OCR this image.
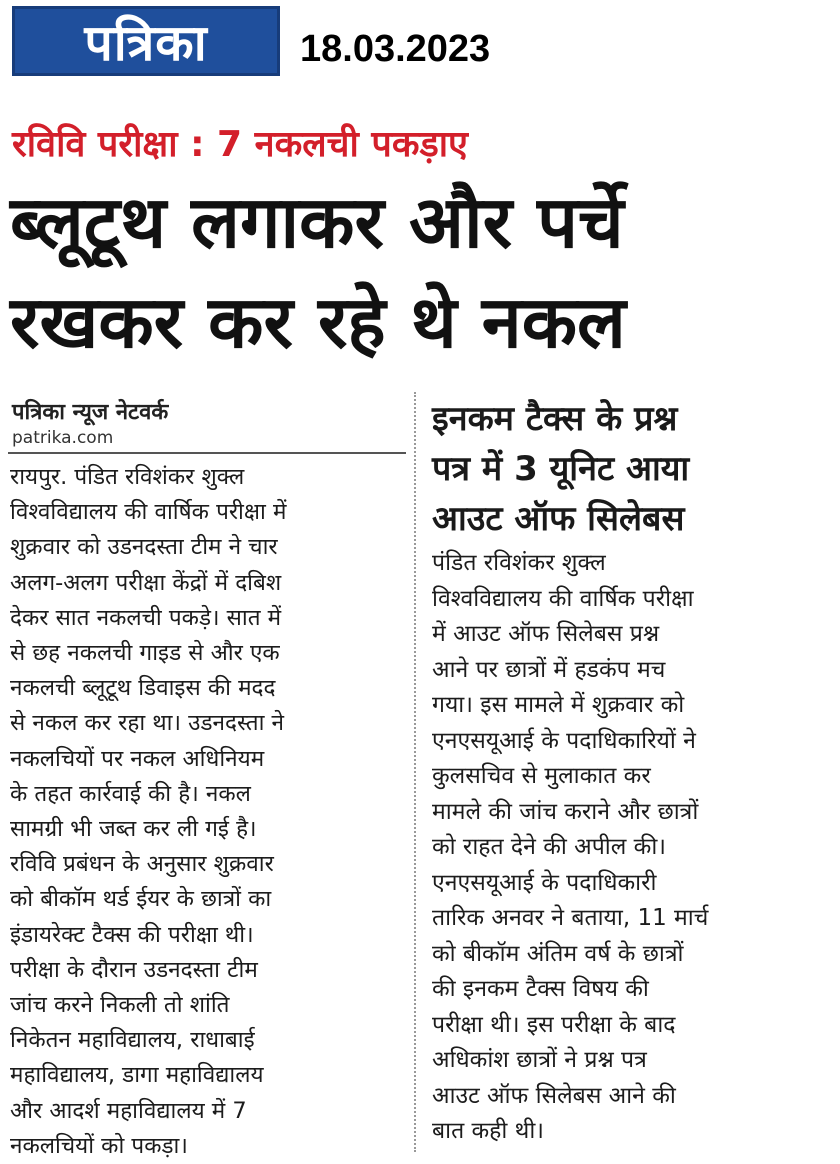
पत्रिका	18.03.2023
रविवि परीक्षा : 7 नकलची पकड़ाए
ब्लूटूथ लगाकर और पर्चे
रखकर कर रहे थे नकल
पत्रिका न्यूज नेटवर्क
patrika.com
रायपुर. पंडित रविशंकर शुक्ल
विश्वविद्यालय की वार्षिक परीक्षा में
शुक्रवार को उडनदस्ता टीम ने चार
अलग-अलग परीक्षा केंद्रों में दबिश
देकर सात नकलची पकड़े। सात में
से छह नकलची गाइड से और एक
नकलची ब्लूटूथ डिवाइस की मदद
से नकल कर रहा था। उडनदस्ता ने
नकलचियों पर नकल अधिनियम
के तहत कार्रवाई की है। नकल
सामग्री भी जब्त कर ली गई है।
रविवि प्रबंधन के अनुसार शुक्रवार
को बीकॉम थर्ड ईयर के छात्रों का
इंडायरेक्ट टैक्स की परीक्षा थी।
परीक्षा के दौरान उडनदस्ता टीम
जांच करने निकली तो शांति
निकेतन महाविद्यालय, राधाबाई
महाविद्यालय, डागा महाविद्यालय
और आदर्श महाविद्यालय में 7
नकलचियों को पकड़ा।
इनकम टैक्स के प्रश्न
पत्र में 3 यूनिट आया
आउट ऑफ सिलेबस
पंडित रविशंकर शुक्ल
विश्वविद्यालय की वार्षिक परीक्षा
में आउट ऑफ सिलेबस प्रश्न
आने पर छात्रों में हडकंप मच
गया। इस मामले में शुक्रवार को
एनएसयूआई के पदाधिकारियों ने
कुलसचिव से मुलाकात कर
मामले की जांच कराने और छात्रों
को राहत देने की अपील की।
एनएसयूआई के पदाधिकारी
तारिक अनवर ने बताया, 11 मार्च
को बीकॉम अंतिम वर्ष के छात्रों
की इनकम टैक्स विषय की
परीक्षा थी। इस परीक्षा के बाद
अधिकांश छात्रों ने प्रश्न पत्र
आउट ऑफ सिलेबस आने की
बात कही थी।
